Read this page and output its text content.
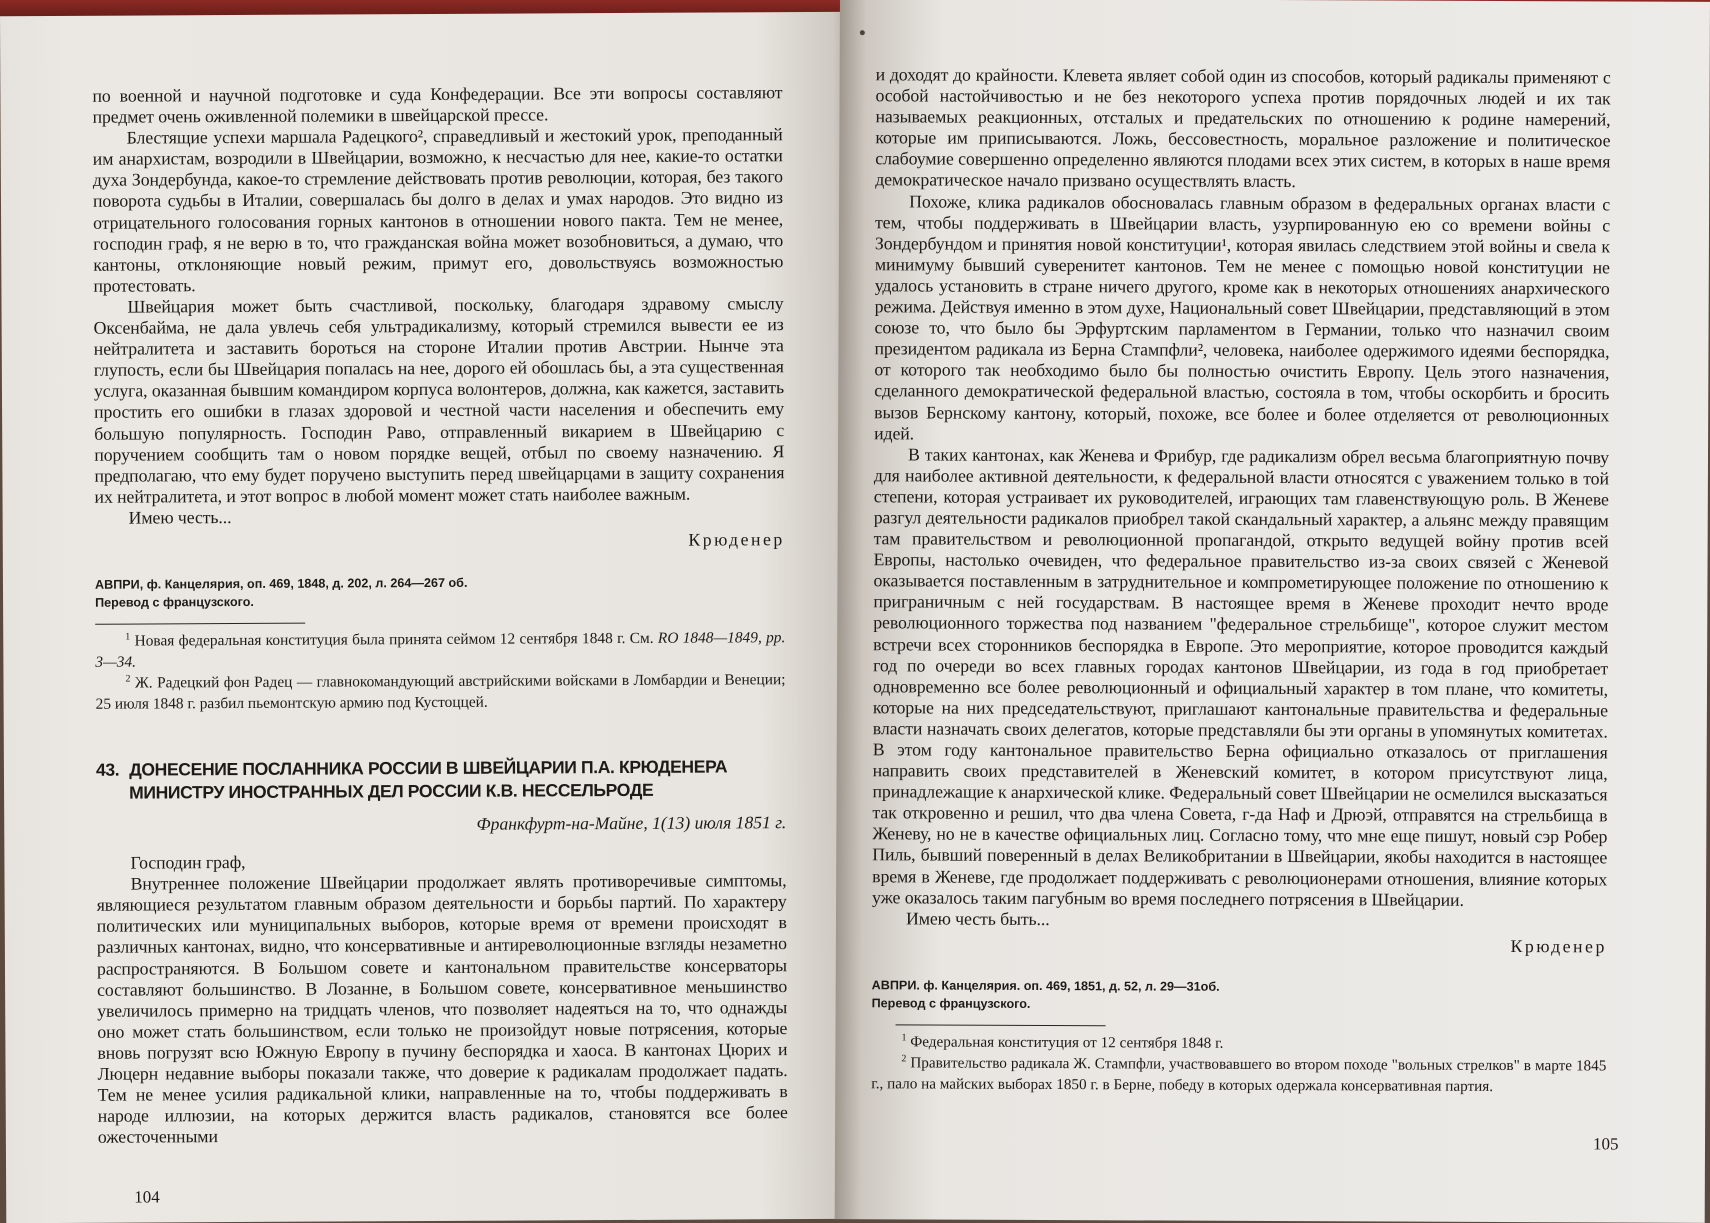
по военной и научной подготовке и суда Конфедерации. Все эти вопросы составляют предмет очень оживленной полемики в швейцарской прессе.

Блестящие успехи маршала Радецкого², справедливый и жестокий урок, преподанный им анархистам, возродили в Швейцарии, возможно, к несчастью для нее, какие-то остатки духа Зондербунда, какое-то стремление действовать против революции, которая, без такого поворота судьбы в Италии, совершалась бы долго в делах и умах народов. Это видно из отрицательного голосования горных кантонов в отношении нового пакта. Тем не менее, господин граф, я не верю в то, что гражданская война может возобновиться, а думаю, что кантоны, отклоняющие новый режим, примут его, довольствуясь возможностью протестовать.

Швейцария может быть счастливой, поскольку, благодаря здравому смыслу Оксенбайма, не дала увлечь себя ультрадикализму, который стремился вывести ее из нейтралитета и заставить бороться на стороне Италии против Австрии. Нынче эта глупость, если бы Швейцария попалась на нее, дорого ей обошлась бы, а эта существенная услуга, оказанная бывшим командиром корпуса волонтеров, должна, как кажется, заставить простить его ошибки в глазах здоровой и честной части населения и обеспечить ему большую популярность. Господин Раво, отправленный викарием в Швейцарию с поручением сообщить там о новом порядке вещей, отбыл по своему назначению. Я предполагаю, что ему будет поручено выступить перед швейцарцами в защиту сохранения их нейтралитета, и этот вопрос в любой момент может стать наиболее важным.

Имею честь...

Крюденер

АВПРИ, ф. Канцелярия, оп. 469, 1848, д. 202, л. 264—267 об.
Перевод с французского.
$^1$ Новая федеральная конституция была принята сеймом 12 сентября 1848 г. См. RO 1848—1849, pp. 3—34.
$^2$ Ж. Радецкий фон Радец — главнокомандующий австрийскими войсками в Ломбардии и Венеции; 25 июля 1848 г. разбил пьемонтскую армию под Кустоццей.
43. ДОНЕСЕНИЕ ПОСЛАННИКА РОССИИ В ШВЕЙЦАРИИ П.А. КРЮДЕНЕРА
МИНИСТРУ ИНОСТРАННЫХ ДЕЛ РОССИИ К.В. НЕССЕЛЬРОДЕ
Франкфурт-на-Майне, 1(13) июля 1851 г.

Господин граф,

Внутреннее положение Швейцарии продолжает являть противоречивые симптомы, являющиеся результатом главным образом деятельности и борьбы партий. По характеру политических или муниципальных выборов, которые время от времени происходят в различных кантонах, видно, что консервативные и антиреволюционные взгляды незаметно распространяются. В Большом совете и кантональном правительстве консерваторы составляют большинство. В Лозанне, в Большом совете, консервативное меньшинство увеличилось примерно на тридцать членов, что позволяет надеяться на то, что однажды оно может стать большинством, если только не произойдут новые потрясения, которые вновь погрузят всю Южную Европу в пучину беспорядка и хаоса. В кантонах Цюрих и Люцерн недавние выборы показали также, что доверие к радикалам продолжает падать. Тем не менее усилия радикальной клики, направленные на то, чтобы поддерживать в народе иллюзии, на которых держится власть радикалов, становятся все более ожесточенными

104

и доходят до крайности. Клевета являет собой один из способов, который радикалы применяют с особой настойчивостью и не без некоторого успеха против порядочных людей и их так называемых реакционных, отсталых и предательских по отношению к родине намерений, которые им приписываются. Ложь, бессовестность, моральное разложение и политическое слабоумие совершенно определенно являются плодами всех этих систем, в которых в наше время демократическое начало призвано осуществлять власть.

Похоже, клика радикалов обосновалась главным образом в федеральных органах власти с тем, чтобы поддерживать в Швейцарии власть, узурпированную ею со времени войны с Зондербундом и принятия новой конституции¹, которая явилась следствием этой войны и свела к минимуму бывший суверенитет кантонов. Тем не менее с помощью новой конституции не удалось установить в стране ничего другого, кроме как в некоторых отношениях анархического режима. Действуя именно в этом духе, Национальный совет Швейцарии, представляющий в этом союзе то, что было бы Эрфуртским парламентом в Германии, только что назначил своим президентом радикала из Берна Стампфли², человека, наиболее одержимого идеями беспорядка, от которого так необходимо было бы полностью очистить Европу. Цель этого назначения, сделанного демократической федеральной властью, состояла в том, чтобы оскорбить и бросить вызов Бернскому кантону, который, похоже, все более и более отделяется от революционных идей.

В таких кантонах, как Женева и Фрибур, где радикализм обрел весьма благоприятную почву для наиболее активной деятельности, к федеральной власти относятся с уважением только в той степени, которая устраивает их руководителей, играющих там главенствующую роль. В Женеве разгул деятельности радикалов приобрел такой скандальный характер, а альянс между правящим там правительством и революционной пропагандой, открыто ведущей войну против всей Европы, настолько очевиден, что федеральное правительство из-за своих связей с Женевой оказывается поставленным в затруднительное и компрометирующее положение по отношению к приграничным с ней государствам. В настоящее время в Женеве проходит нечто вроде революционного торжества под названием "федеральное стрельбище", которое служит местом встречи всех сторонников беспорядка в Европе. Это мероприятие, которое проводится каждый год по очереди во всех главных городах кантонов Швейцарии, из года в год приобретает одновременно все более революционный и официальный характер в том плане, что комитеты, которые на них председательствуют, приглашают кантональные правительства и федеральные власти назначать своих делегатов, которые представляли бы эти органы в упомянутых комитетах. В этом году кантональное правительство Берна официально отказалось от приглашения направить своих представителей в Женевский комитет, в котором присутствуют лица, принадлежащие к анархической клике. Федеральный совет Швейцарии не осмелился высказаться так откровенно и решил, что два члена Совета, г-да Наф и Дрюэй, отправятся на стрельбища в Женеву, но не в качестве официальных лиц. Согласно тому, что мне еще пишут, новый сэр Робер Пиль, бывший поверенный в делах Великобритании в Швейцарии, якобы находится в настоящее время в Женеве, где продолжает поддерживать с революционерами отношения, влияние которых уже оказалось таким пагубным во время последнего потрясения в Швейцарии.

Имею честь быть...

Крюденер

АВПРИ. ф. Канцелярия. оп. 469, 1851, д. 52, л. 29—31об.
Перевод с французского.
$^1$ Федеральная конституция от 12 сентября 1848 г.
$^2$ Правительство радикала Ж. Стампфли, участвовавшего во втором походе "вольных стрелков" в марте 1845 г., пало на майских выборах 1850 г. в Берне, победу в которых одержала консервативная партия.
105
